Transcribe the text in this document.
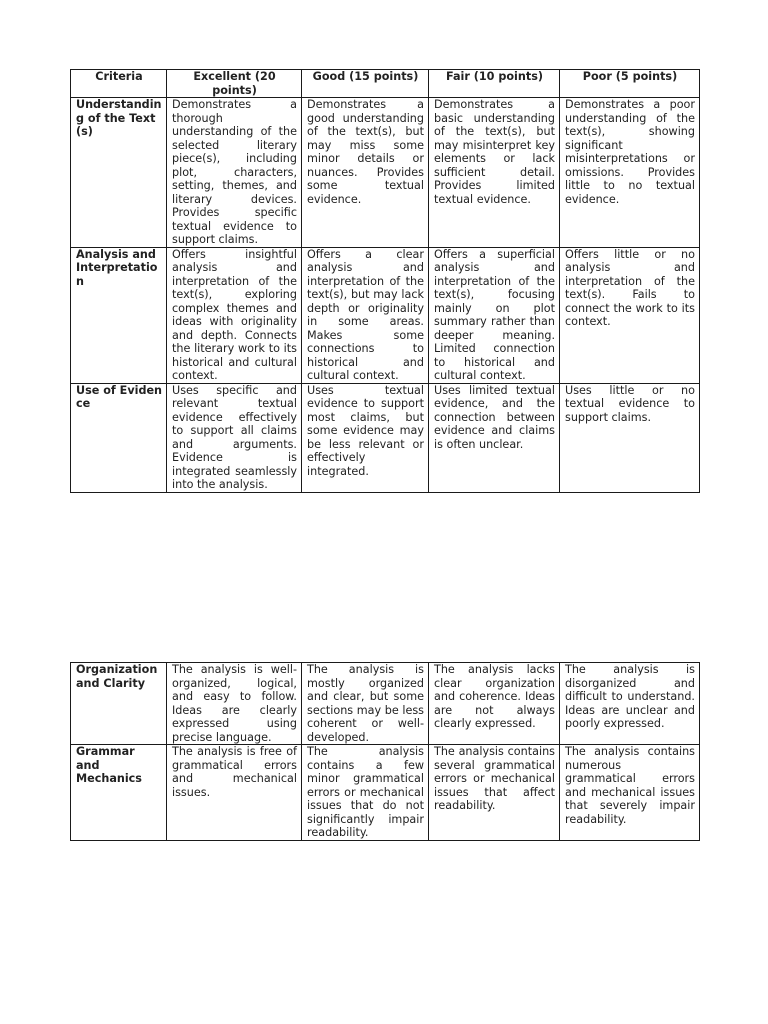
Criteria	Excellent (20 points)	Good (15 points)	Fair (10 points)	Poor (5 points)
Understanding of the Text(s)	Demonstrates a thorough understanding of the selected literary piece(s), including plot, characters, setting, themes, and literary devices. Provides specific textual evidence to support claims.	Demonstrates a good understanding of the text(s), but may miss some minor details or nuances. Provides some textual evidence.	Demonstrates a basic understanding of the text(s), but may misinterpret key elements or lack sufficient detail. Provides limited textual evidence.	Demonstrates a poor understanding of the text(s), showing significant misinterpretations or omissions. Provides little to no textual evidence.
Analysis and Interpretation	Offers insightful analysis and interpretation of the text(s), exploring complex themes and ideas with originality and depth. Connects the literary work to its historical and cultural context.	Offers a clear analysis and interpretation of the text(s), but may lack depth or originality in some areas. Makes some connections to historical and cultural context.	Offers a superficial analysis and interpretation of the text(s), focusing mainly on plot summary rather than deeper meaning. Limited connection to historical and cultural context.	Offers little or no analysis and interpretation of the text(s). Fails to connect the work to its context.
Use of Evidence	Uses specific and relevant textual evidence effectively to support all claims and arguments. Evidence is integrated seamlessly into the analysis.	Uses textual evidence to support most claims, but some evidence may be less relevant or effectively integrated.	Uses limited textual evidence, and the connection between evidence and claims is often unclear.	Uses little or no textual evidence to support claims.
Organization and Clarity	The analysis is well-organized, logical, and easy to follow. Ideas are clearly expressed using precise language.	The analysis is mostly organized and clear, but some sections may be less coherent or well-developed.	The analysis lacks clear organization and coherence. Ideas are not always clearly expressed.	The analysis is disorganized and difficult to understand. Ideas are unclear and poorly expressed.
Grammar and Mechanics	The analysis is free of grammatical errors and mechanical issues.	The analysis contains a few minor grammatical errors or mechanical issues that do not significantly impair readability.	The analysis contains several grammatical errors or mechanical issues that affect readability.	The analysis contains numerous grammatical errors and mechanical issues that severely impair readability.
